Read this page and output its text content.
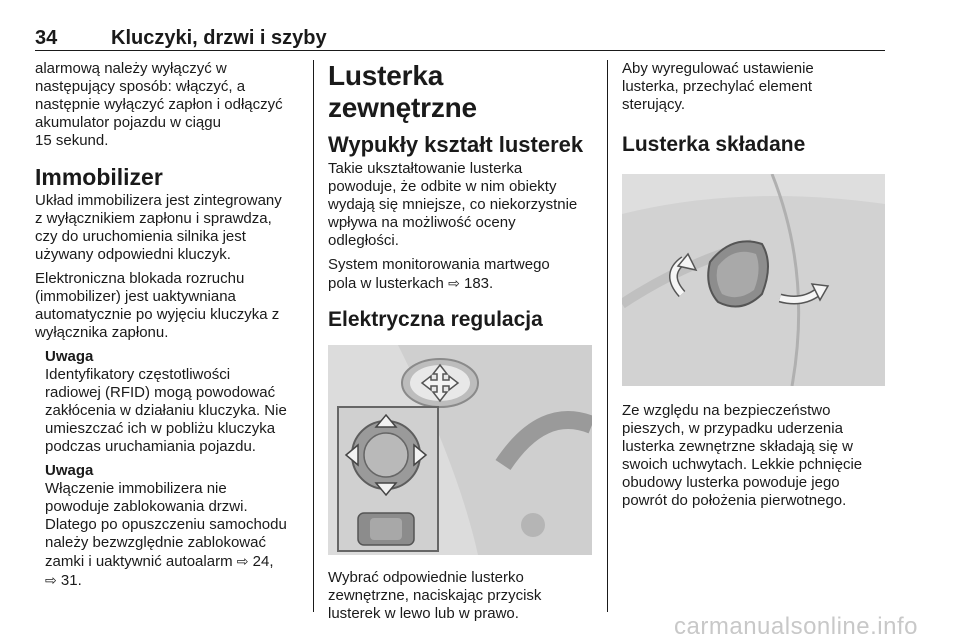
34	Kluczyki, drzwi i szyby

alarmową należy wyłączyć w
następujący sposób: włączyć, a
następnie wyłączyć zapłon i odłączyć
akumulator pojazdu w ciągu
15 sekund.

Immobilizer

Układ immobilizera jest zintegrowany
z wyłącznikiem zapłonu i sprawdza,
czy do uruchomienia silnika jest
używany odpowiedni kluczyk.

Elektroniczna blokada rozruchu
(immobilizer) jest uaktywniana
automatycznie po wyjęciu kluczyka z
wyłącznika zapłonu.

Uwaga

Identyfikatory częstotliwości
radiowej (RFID) mogą powodować
zakłócenia w działaniu kluczyka. Nie
umieszczać ich w pobliżu kluczyka
podczas uruchamiania pojazdu.

Uwaga

Włączenie immobilizera nie
powoduje zablokowania drzwi.
Dlatego po opuszczeniu samochodu
należy bezwzględnie zablokować
zamki i uaktywnić autoalarm ⇨ 24,
⇨ 31.

Lusterka zewnętrzne
Wypukły kształt lusterek

Takie ukształtowanie lusterka
powoduje, że odbite w nim obiekty
wydają się mniejsze, co niekorzystnie
wpływa na możliwość oceny
odległości.

System monitorowania martwego
pola w lusterkach ⇨ 183.

Elektryczna regulacja

Wybrać odpowiednie lusterko
zewnętrzne, naciskając przycisk
lusterek w lewo lub w prawo.

Aby wyregulować ustawienie
lusterka, przechylać element
sterujący.

Lusterka składane

Ze względu na bezpieczeństwo
pieszych, w przypadku uderzenia
lusterka zewnętrzne składają się w
swoich uchwytach. Lekkie pchnięcie
obudowy lusterka powoduje jego
powrót do położenia pierwotnego.

carmanualsonline.info
